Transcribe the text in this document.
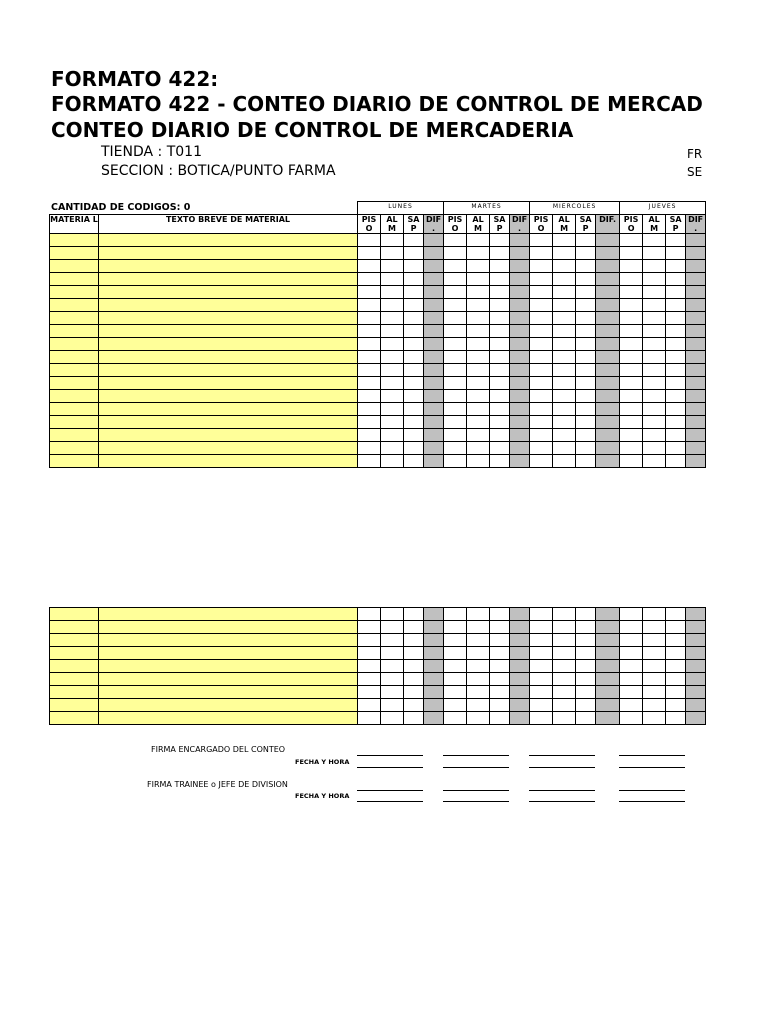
FORMATO 422:
FORMATO 422 - CONTEO DIARIO DE CONTROL DE MERCAD
CONTEO DIARIO DE CONTROL DE MERCADERIA
TIENDA : T011
SECCION : BOTICA/PUNTO FARMA
FR
SE
CANTIDAD DE CODIGOS: 0
		LUNES				MARTES				MIERCOLES				JUEVES			
MATERIA L	TEXTO BREVE DE MATERIAL	PIS O	AL M	SA P	DIF .	PIS O	AL M	SA P	DIF .	PIS O	AL M	SA P	DIF.	PIS O	AL M	SA P	DIF .

FIRMA ENCARGADO DEL CONTEO
FECHA Y HORA
FIRMA TRAINEE o JEFE DE DIVISION
FECHA Y HORA
